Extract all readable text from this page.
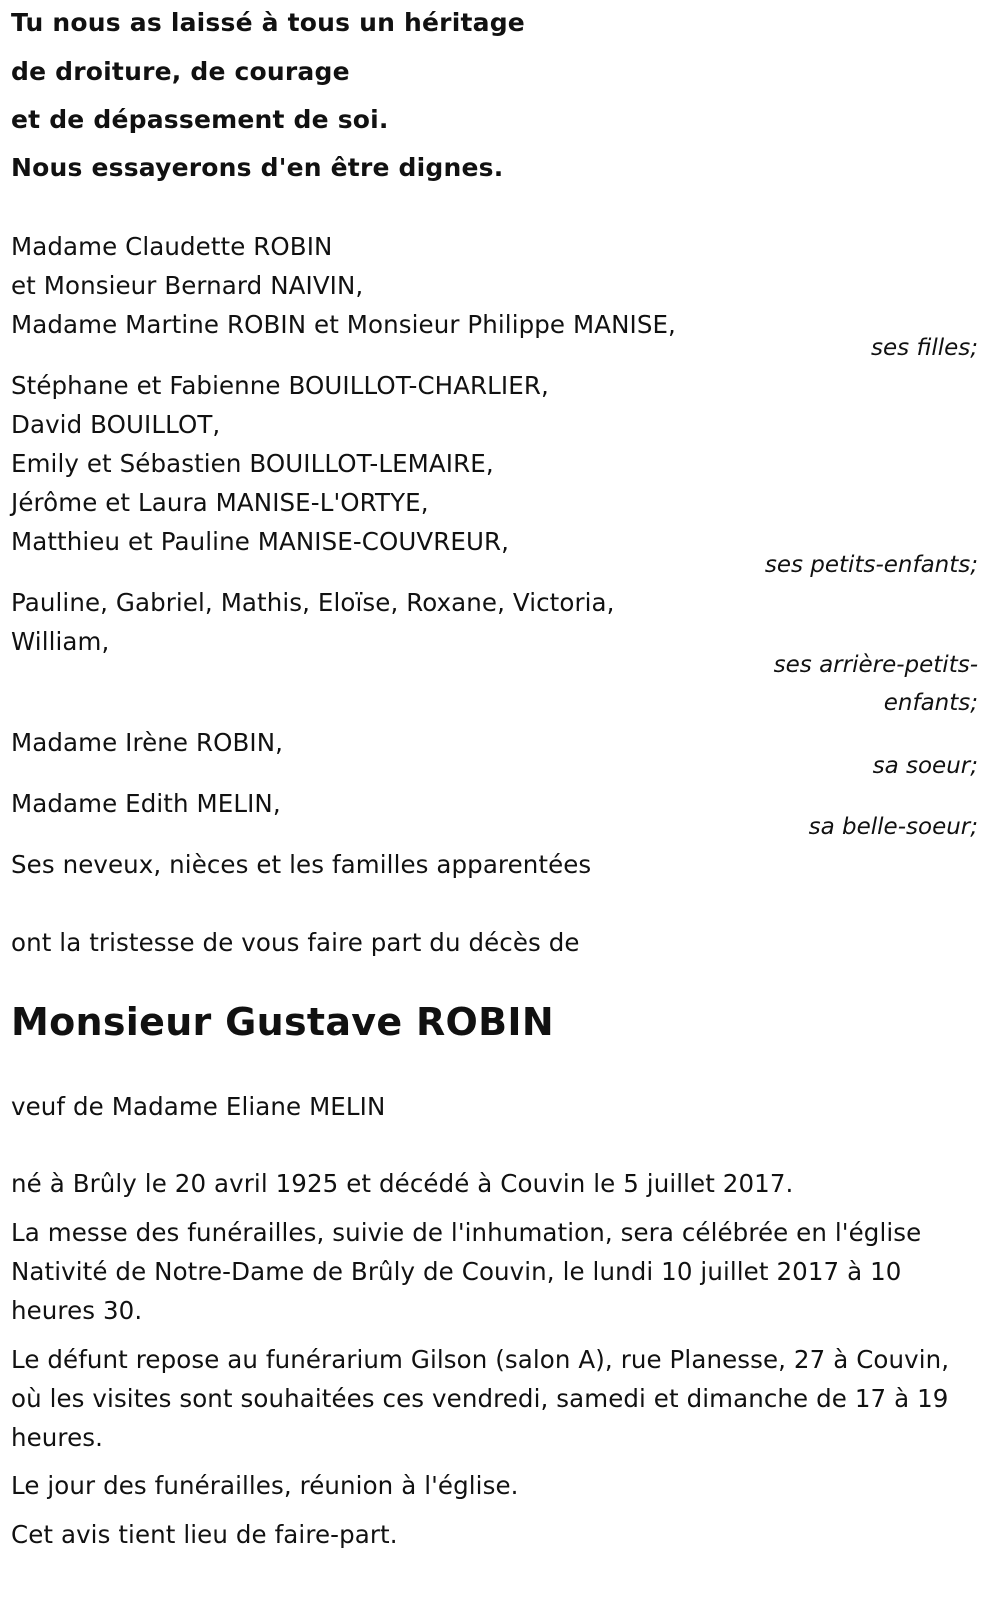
Tu nous as laissé à tous un héritage
de droiture, de courage
et de dépassement de soi.
Nous essayerons d'en être dignes.
Madame Claudette ROBIN
et Monsieur Bernard NAIVIN,
Madame Martine ROBIN et Monsieur Philippe MANISE,
ses filles;
Stéphane et Fabienne BOUILLOT-CHARLIER,
David BOUILLOT,
Emily et Sébastien BOUILLOT-LEMAIRE,
Jérôme et Laura MANISE-L'ORTYE,
Matthieu et Pauline MANISE-COUVREUR,
ses petits-enfants;
Pauline, Gabriel, Mathis, Eloïse, Roxane, Victoria,
William,
ses arrière-petits-
enfants;
Madame Irène ROBIN,
sa soeur;
Madame Edith MELIN,
sa belle-soeur;
Ses neveux, nièces et les familles apparentées
ont la tristesse de vous faire part du décès de
Monsieur Gustave ROBIN
veuf de Madame Eliane MELIN
né à Brûly le 20 avril 1925 et décédé à Couvin le 5 juillet 2017.
La messe des funérailles, suivie de l'inhumation, sera célébrée en l'église Nativité de Notre-Dame de Brûly de Couvin, le lundi 10 juillet 2017 à 10 heures 30.
Le défunt repose au funérarium Gilson (salon A), rue Planesse, 27 à Couvin, où les visites sont souhaitées ces vendredi, samedi et dimanche de 17 à 19 heures.
Le jour des funérailles, réunion à l'église.
Cet avis tient lieu de faire-part.
